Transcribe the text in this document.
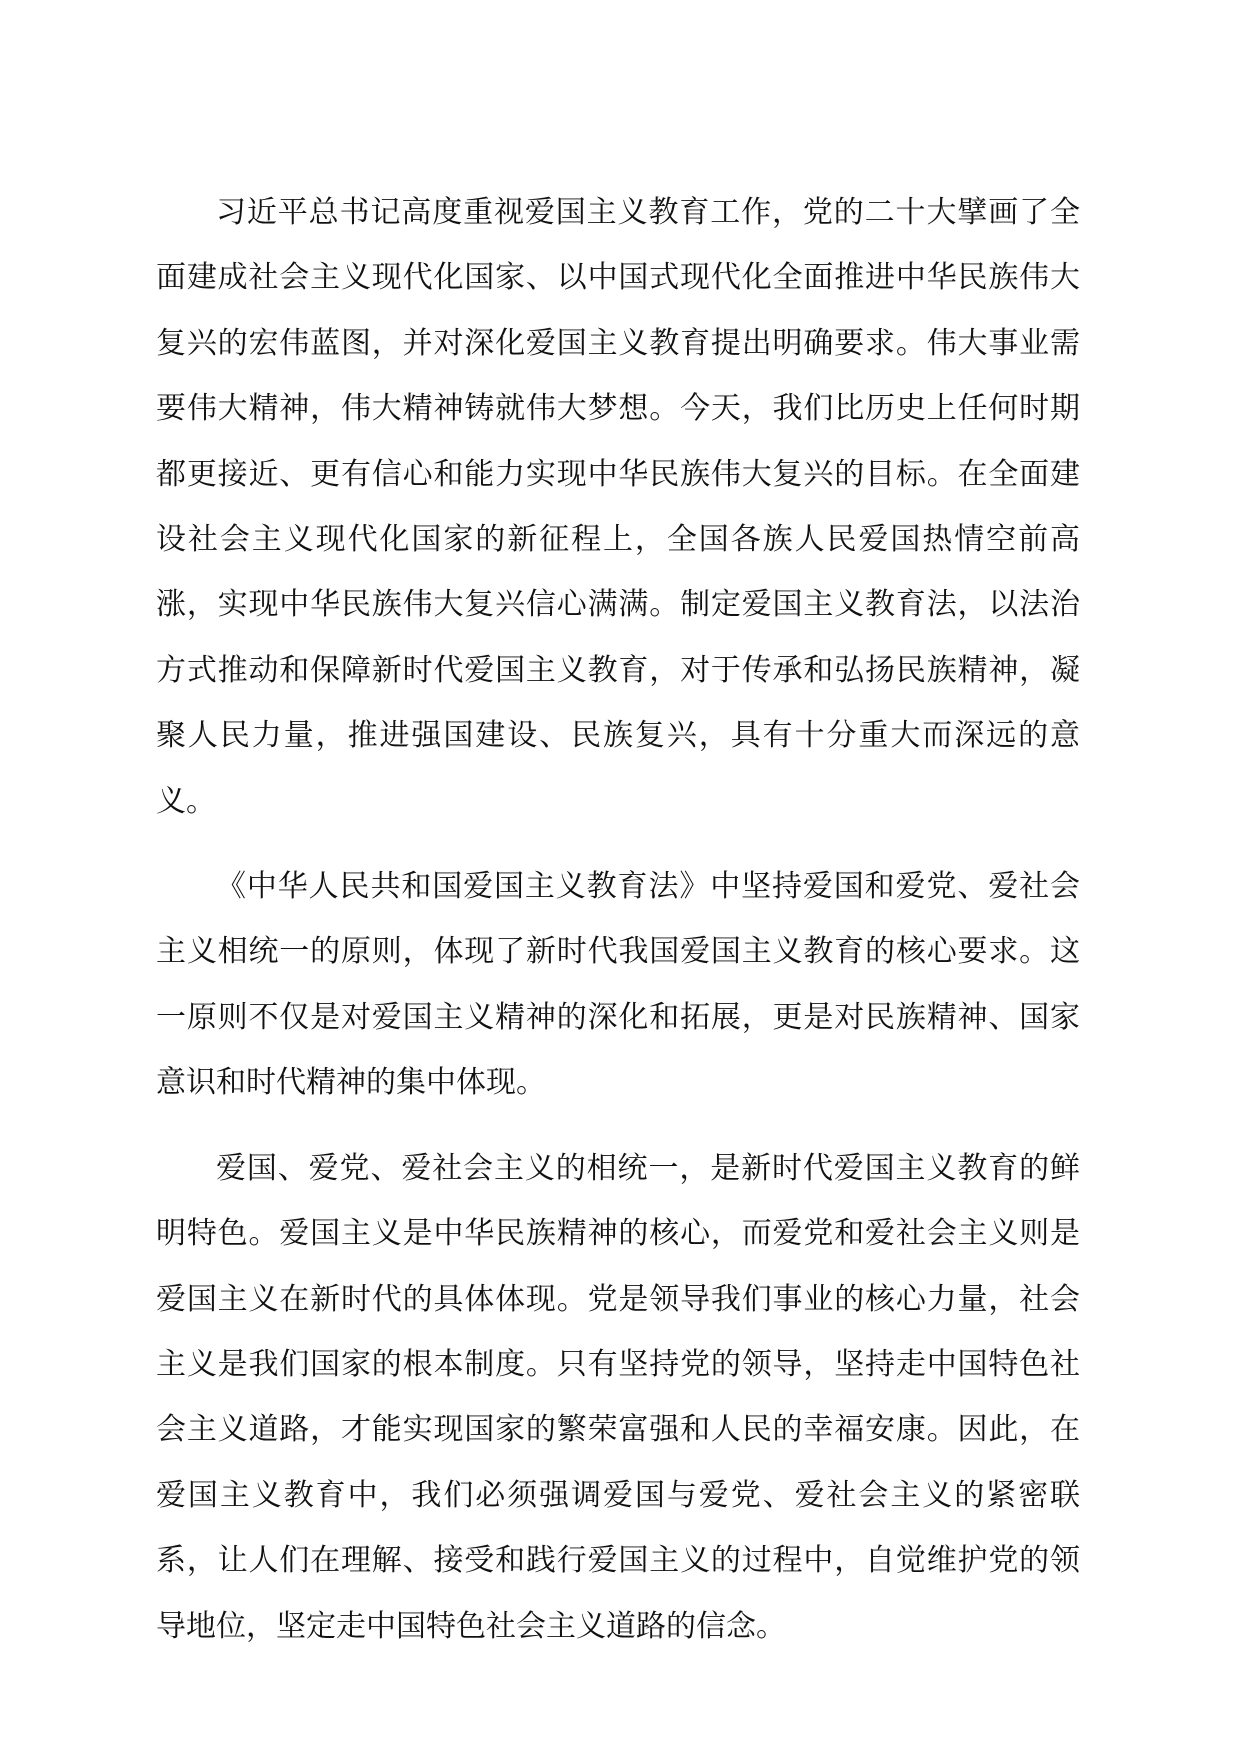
习近平总书记高度重视爱国主义教育工作，党的二十大擘画了全面建成社会主义现代化国家、以中国式现代化全面推进中华民族伟大复兴的宏伟蓝图，并对深化爱国主义教育提出明确要求。伟大事业需要伟大精神，伟大精神铸就伟大梦想。今天，我们比历史上任何时期都更接近、更有信心和能力实现中华民族伟大复兴的目标。在全面建设社会主义现代化国家的新征程上，全国各族人民爱国热情空前高涨，实现中华民族伟大复兴信心满满。制定爱国主义教育法，以法治方式推动和保障新时代爱国主义教育，对于传承和弘扬民族精神，凝聚人民力量，推进强国建设、民族复兴，具有十分重大而深远的意义。

《中华人民共和国爱国主义教育法》中坚持爱国和爱党、爱社会主义相统一的原则，体现了新时代我国爱国主义教育的核心要求。这一原则不仅是对爱国主义精神的深化和拓展，更是对民族精神、国家意识和时代精神的集中体现。

爱国、爱党、爱社会主义的相统一，是新时代爱国主义教育的鲜明特色。爱国主义是中华民族精神的核心，而爱党和爱社会主义则是爱国主义在新时代的具体体现。党是领导我们事业的核心力量，社会主义是我们国家的根本制度。只有坚持党的领导，坚持走中国特色社会主义道路，才能实现国家的繁荣富强和人民的幸福安康。因此，在爱国主义教育中，我们必须强调爱国与爱党、爱社会主义的紧密联系，让人们在理解、接受和践行爱国主义的过程中，自觉维护党的领导地位，坚定走中国特色社会主义道路的信念。
